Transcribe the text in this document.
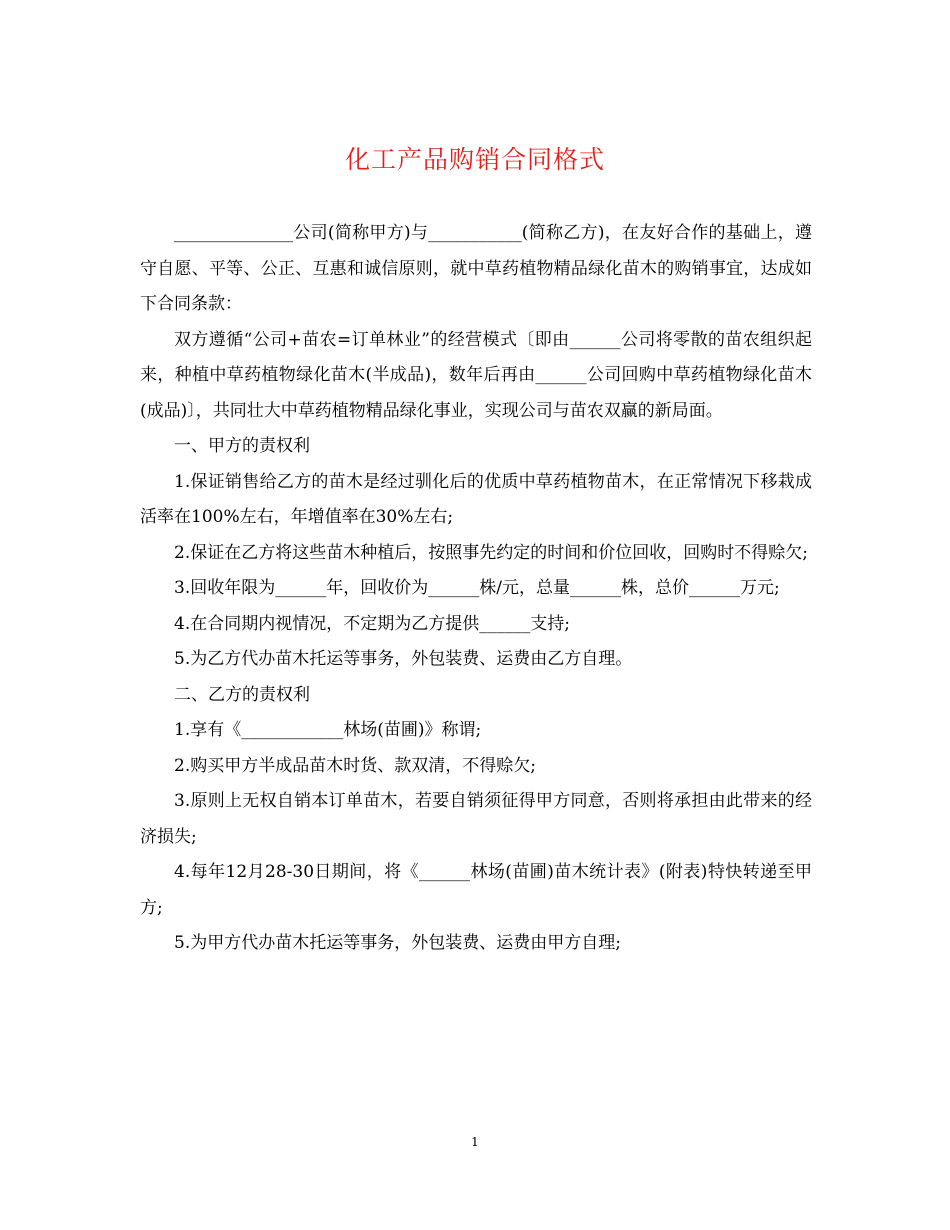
化工产品购销合同格式

______________公司(简称甲方)与___________(简称乙方)，在友好合作的基础上，遵守自愿、平等、公正、互惠和诚信原则，就中草药植物精品绿化苗木的购销事宜，达成如下合同条款：

双方遵循“公司+苗农=订单林业”的经营模式〔即由______公司将零散的苗农组织起来，种植中草药植物绿化苗木(半成品)，数年后再由______公司回购中草药植物绿化苗木(成品)〕，共同壮大中草药植物精品绿化事业，实现公司与苗农双赢的新局面。

一、甲方的责权利

1.保证销售给乙方的苗木是经过驯化后的优质中草药植物苗木，在正常情况下移栽成活率在100%左右，年增值率在30%左右;

2.保证在乙方将这些苗木种植后，按照事先约定的时间和价位回收，回购时不得赊欠;

3.回收年限为______年，回收价为______株/元，总量______株，总价______万元;

4.在合同期内视情况，不定期为乙方提供______支持;

5.为乙方代办苗木托运等事务，外包装费、运费由乙方自理。

二、乙方的责权利

1.享有《____________林场(苗圃)》称谓;

2.购买甲方半成品苗木时货、款双清，不得赊欠;

3.原则上无权自销本订单苗木，若要自销须征得甲方同意，否则将承担由此带来的经济损失;

4.每年12月28-30日期间，将《______林场(苗圃)苗木统计表》(附表)特快转递至甲方;

5.为甲方代办苗木托运等事务，外包装费、运费由甲方自理;

1
